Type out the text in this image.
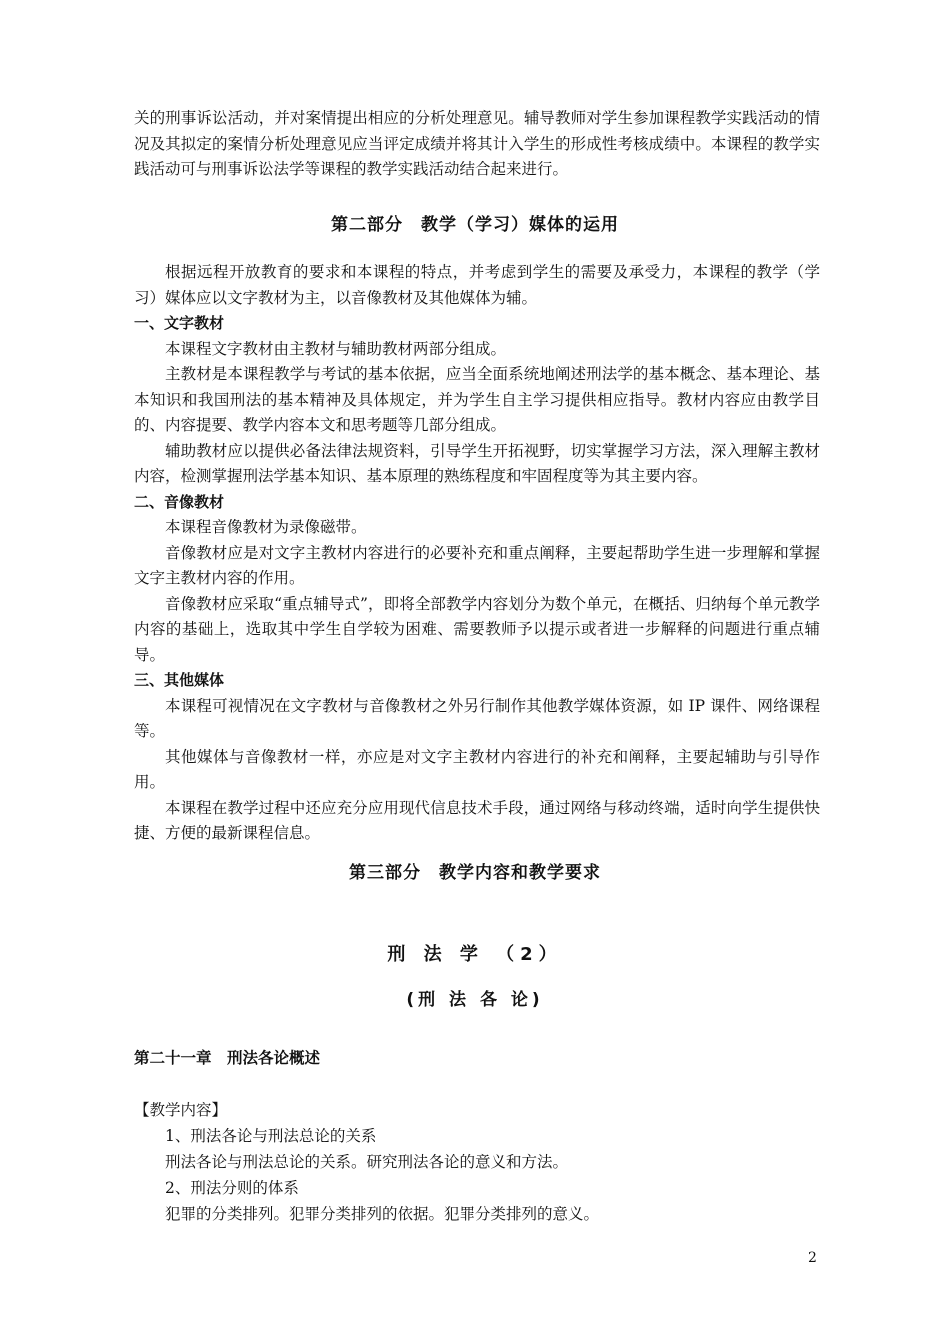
关的刑事诉讼活动，并对案情提出相应的分析处理意见。辅导教师对学生参加课程教学实践活动的情况及其拟定的案情分析处理意见应当评定成绩并将其计入学生的形成性考核成绩中。本课程的教学实践活动可与刑事诉讼法学等课程的教学实践活动结合起来进行。

第二部分　教学（学习）媒体的运用

根据远程开放教育的要求和本课程的特点，并考虑到学生的需要及承受力，本课程的教学（学习）媒体应以文字教材为主，以音像教材及其他媒体为辅。

一、文字教材

本课程文字教材由主教材与辅助教材两部分组成。

主教材是本课程教学与考试的基本依据，应当全面系统地阐述刑法学的基本概念、基本理论、基本知识和我国刑法的基本精神及具体规定，并为学生自主学习提供相应指导。教材内容应由教学目的、内容提要、教学内容本文和思考题等几部分组成。

辅助教材应以提供必备法律法规资料，引导学生开拓视野，切实掌握学习方法，深入理解主教材内容，检测掌握刑法学基本知识、基本原理的熟练程度和牢固程度等为其主要内容。

二、音像教材

本课程音像教材为录像磁带。

音像教材应是对文字主教材内容进行的必要补充和重点阐释，主要起帮助学生进一步理解和掌握文字主教材内容的作用。

音像教材应采取“重点辅导式”，即将全部教学内容划分为数个单元，在概括、归纳每个单元教学内容的基础上，选取其中学生自学较为困难、需要教师予以提示或者进一步解释的问题进行重点辅导。

三、其他媒体

本课程可视情况在文字教材与音像教材之外另行制作其他教学媒体资源，如 IP 课件、网络课程等。

其他媒体与音像教材一样，亦应是对文字主教材内容进行的补充和阐释，主要起辅助与引导作用。

本课程在教学过程中还应充分应用现代信息技术手段，通过网络与移动终端，适时向学生提供快捷、方便的最新课程信息。

第三部分　教学内容和教学要求
刑 法 学 （2）
(刑 法 各 论)
第二十一章　刑法各论概述

【教学内容】

1、刑法各论与刑法总论的关系

刑法各论与刑法总论的关系。研究刑法各论的意义和方法。

2、刑法分则的体系

犯罪的分类排列。犯罪分类排列的依据。犯罪分类排列的意义。

2
